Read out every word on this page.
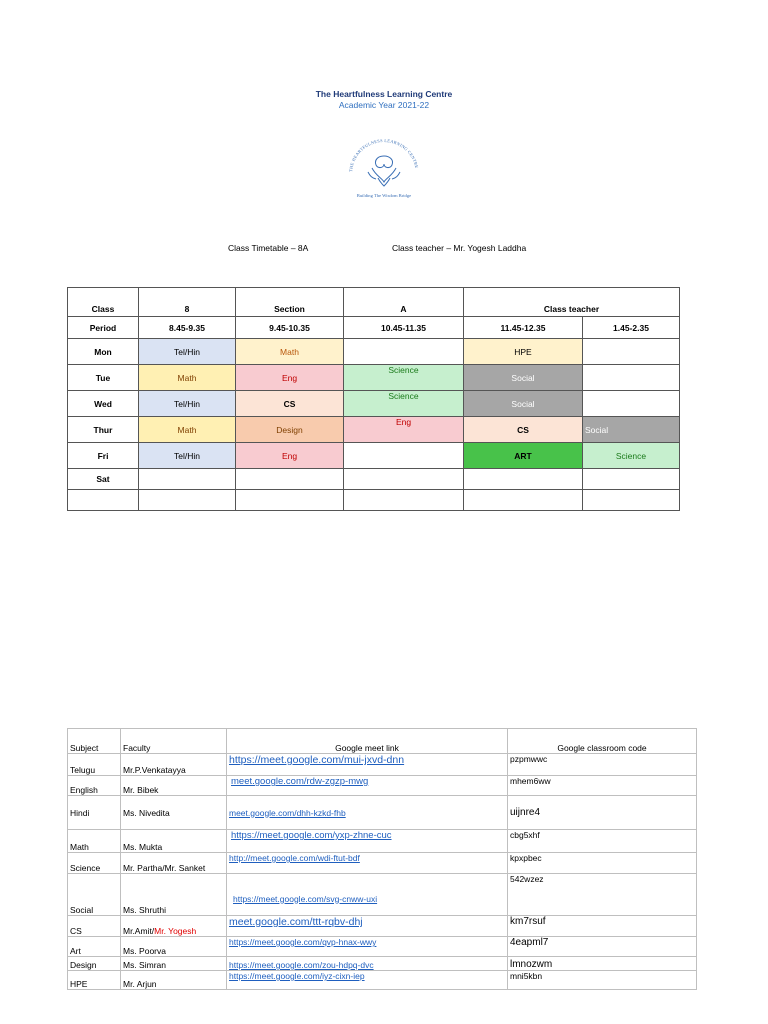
The Heartfulness Learning Centre
Academic Year 2021-22
THE HEARTFULNESS LEARNING CENTRE
Building The Wisdom Bridge
Class Timetable – 8A	Class teacher – Mr. Yogesh Laddha
Class	8	Section	A	Class teacher	
Period	8.45-9.35	9.45-10.35	10.45-11.35	11.45-12.35	1.45-2.35
Mon	Tel/Hin	Math		HPE	
Tue	Math	Eng	Science	Social	
Wed	Tel/Hin	CS	Science	Social	
Thur	Math	Design	Eng	CS	Social
Fri	Tel/Hin	Eng		ART	Science
Sat					

Subject	Faculty	Google meet link	Google classroom code
Telugu	Mr.P.Venkatayya	https://meet.google.com/mui-jxvd-dnn	pzpmwwc
English	Mr. Bibek	meet.google.com/rdw-zgzp-mwg	mhem6ww
Hindi	Ms. Nivedita	meet.google.com/dhh-kzkd-fhb	uijnre4
Math	Ms. Mukta	https://meet.google.com/yxp-zhne-cuc	cbg5xhf
Science	Mr. Partha/Mr. Sanket	http://meet.google.com/wdi-ftut-bdf	kpxpbec
Social	Ms. Shruthi	https://meet.google.com/svg-cnww-uxi	542wzez
CS	Mr.Amit/Mr. Yogesh	meet.google.com/ttt-rqbv-dhj	km7rsuf
Art	Ms. Poorva	https://meet.google.com/qvp-hnax-wwy	4eapml7
Design	Ms. Simran	https://meet.google.com/zou-hdpq-dvc	lmnozwm
HPE	Mr. Arjun	https://meet.google.com/iyz-cixn-iep	mni5kbn
